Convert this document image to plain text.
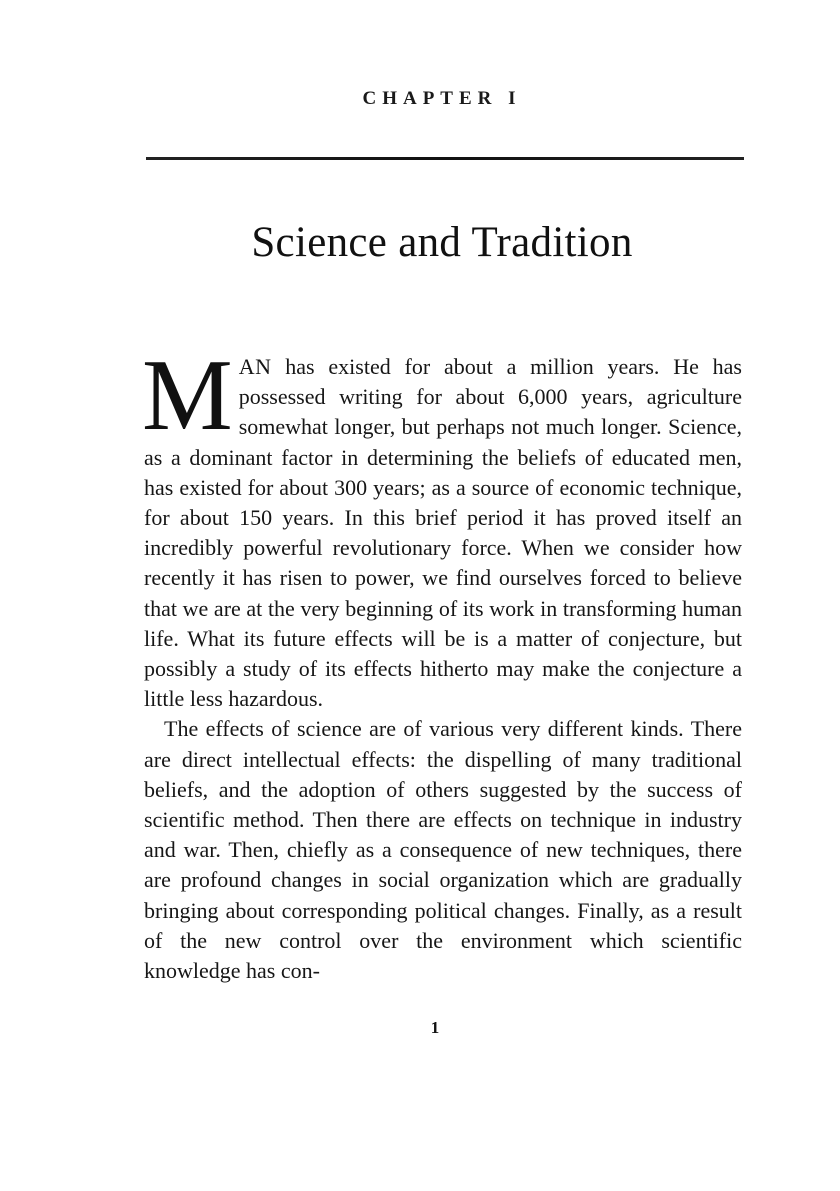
CHAPTER I
Science and Tradition

MAN has existed for about a million years. He has possessed writing for about 6,000 years, agriculture somewhat longer, but perhaps not much longer. Science, as a dominant factor in determining the beliefs of educated men, has existed for about 300 years; as a source of economic technique, for about 150 years. In this brief period it has proved itself an incredibly powerful revolutionary force. When we consider how recently it has risen to power, we find ourselves forced to believe that we are at the very beginning of its work in transforming human life. What its future effects will be is a matter of conjecture, but possibly a study of its effects hitherto may make the conjecture a little less hazardous.

The effects of science are of various very different kinds. There are direct intellectual effects: the dispelling of many traditional beliefs, and the adoption of others suggested by the success of scientific method. Then there are effects on technique in industry and war. Then, chiefly as a consequence of new techniques, there are profound changes in social organization which are gradually bringing about corresponding political changes. Finally, as a result of the new control over the environment which scientific knowledge has con-

1
